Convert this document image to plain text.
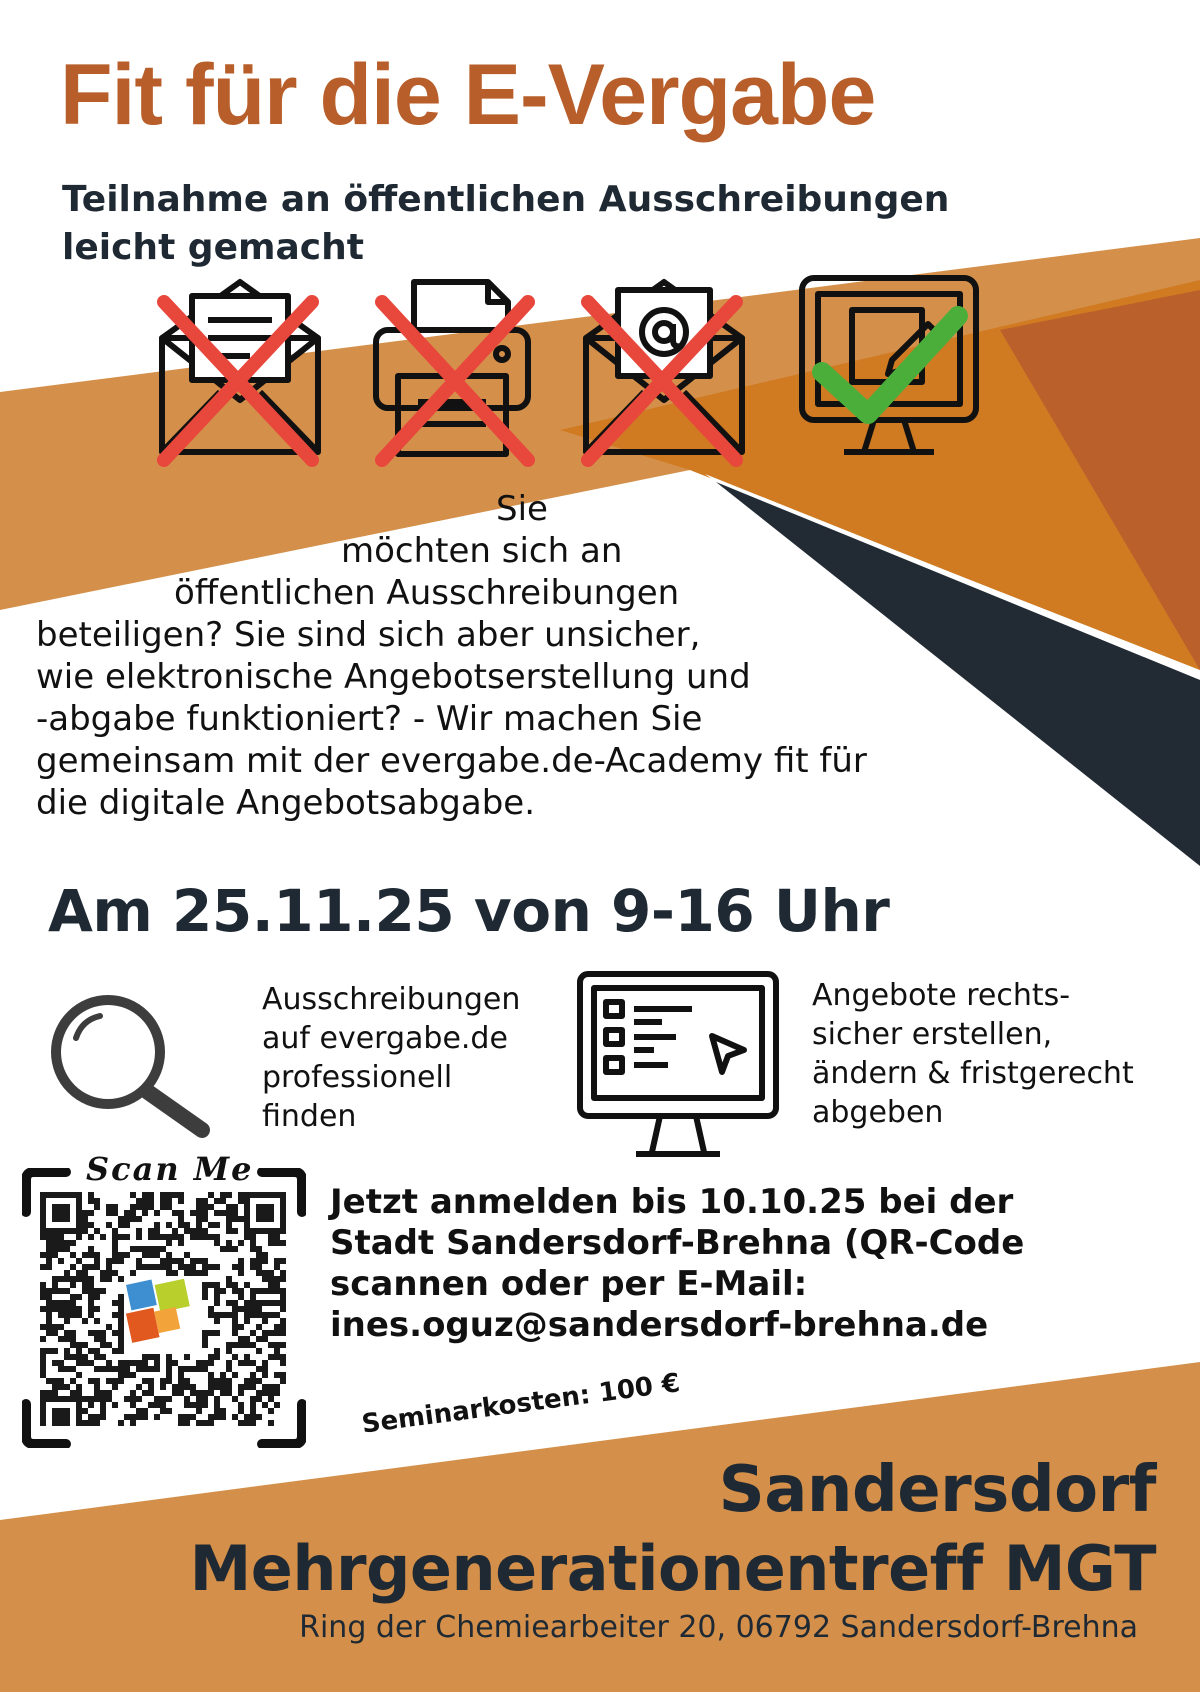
Fit für die E-Vergabe
Teilnahme an öffentlichen Ausschreibungen
leicht gemacht
Sie
möchten sich an
öffentlichen Ausschreibungen
beteiligen? Sie sind sich aber unsicher,
wie elektronische Angebotserstellung und
-abgabe funktioniert? - Wir machen Sie
gemeinsam mit der evergabe.de-Academy fit für
die digitale Angebotsabgabe.
Am 25.11.25 von 9-16 Uhr
Ausschreibungen
auf evergabe.de
professionell
finden
Angebote rechts-
sicher erstellen,
ändern & fristgerecht
abgeben
Scan Me
Jetzt anmelden bis 10.10.25 bei der
Stadt Sandersdorf-Brehna (QR-Code
scannen oder per E-Mail:
ines.oguz@sandersdorf-brehna.de
Seminarkosten: 100 €
Sandersdorf
Mehrgenerationentreff MGT
Ring der Chemiearbeiter 20, 06792 Sandersdorf-Brehna
